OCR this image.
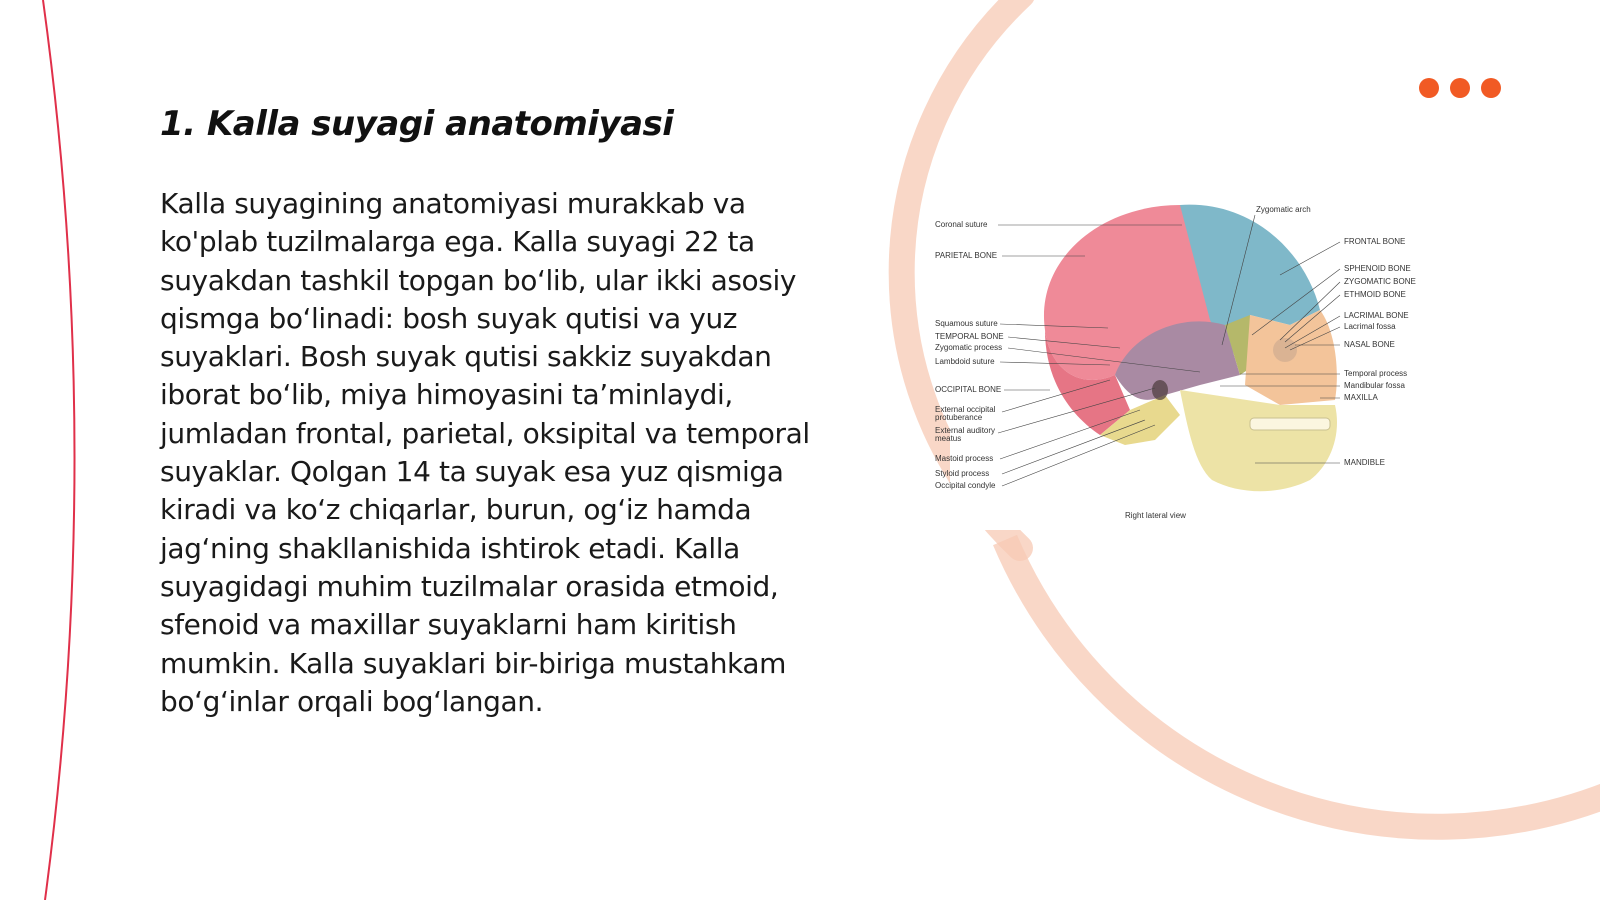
1. Kalla suyagi anatomiyasi

Kalla suyagining anatomiyasi murakkab va ko'plab tuzilmalarga ega. Kalla suyagi 22 ta suyakdan tashkil topgan bo‘lib, ular ikki asosiy qismga bo‘linadi: bosh suyak qutisi va yuz suyaklari. Bosh suyak qutisi sakkiz suyakdan iborat bo‘lib, miya himoyasini ta’minlaydi, jumladan frontal, parietal, oksipital va temporal suyaklar. Qolgan 14 ta suyak esa yuz qismiga kiradi va ko‘z chiqarlar, burun, og‘iz hamda jag‘ning shakllanishida ishtirok etadi. Kalla suyagidagi muhim tuzilmalar orasida etmoid, sfenoid va maxillar suyaklarni ham kiritish mumkin. Kalla suyaklari bir-biriga mustahkam bo‘g‘inlar orqali bog‘langan.

Coronal suture
PARIETAL BONE
Squamous suture
TEMPORAL BONE
Zygomatic process
Lambdoid suture
OCCIPITAL BONE
External occipital
protuberance
External auditory
meatus
Mastoid process
Styloid process
Occipital condyle
Zygomatic arch
FRONTAL BONE
SPHENOID BONE
ZYGOMATIC BONE
ETHMOID BONE
LACRIMAL BONE
Lacrimal fossa
NASAL BONE
Temporal process
Mandibular fossa
MAXILLA
MANDIBLE
Right lateral view
